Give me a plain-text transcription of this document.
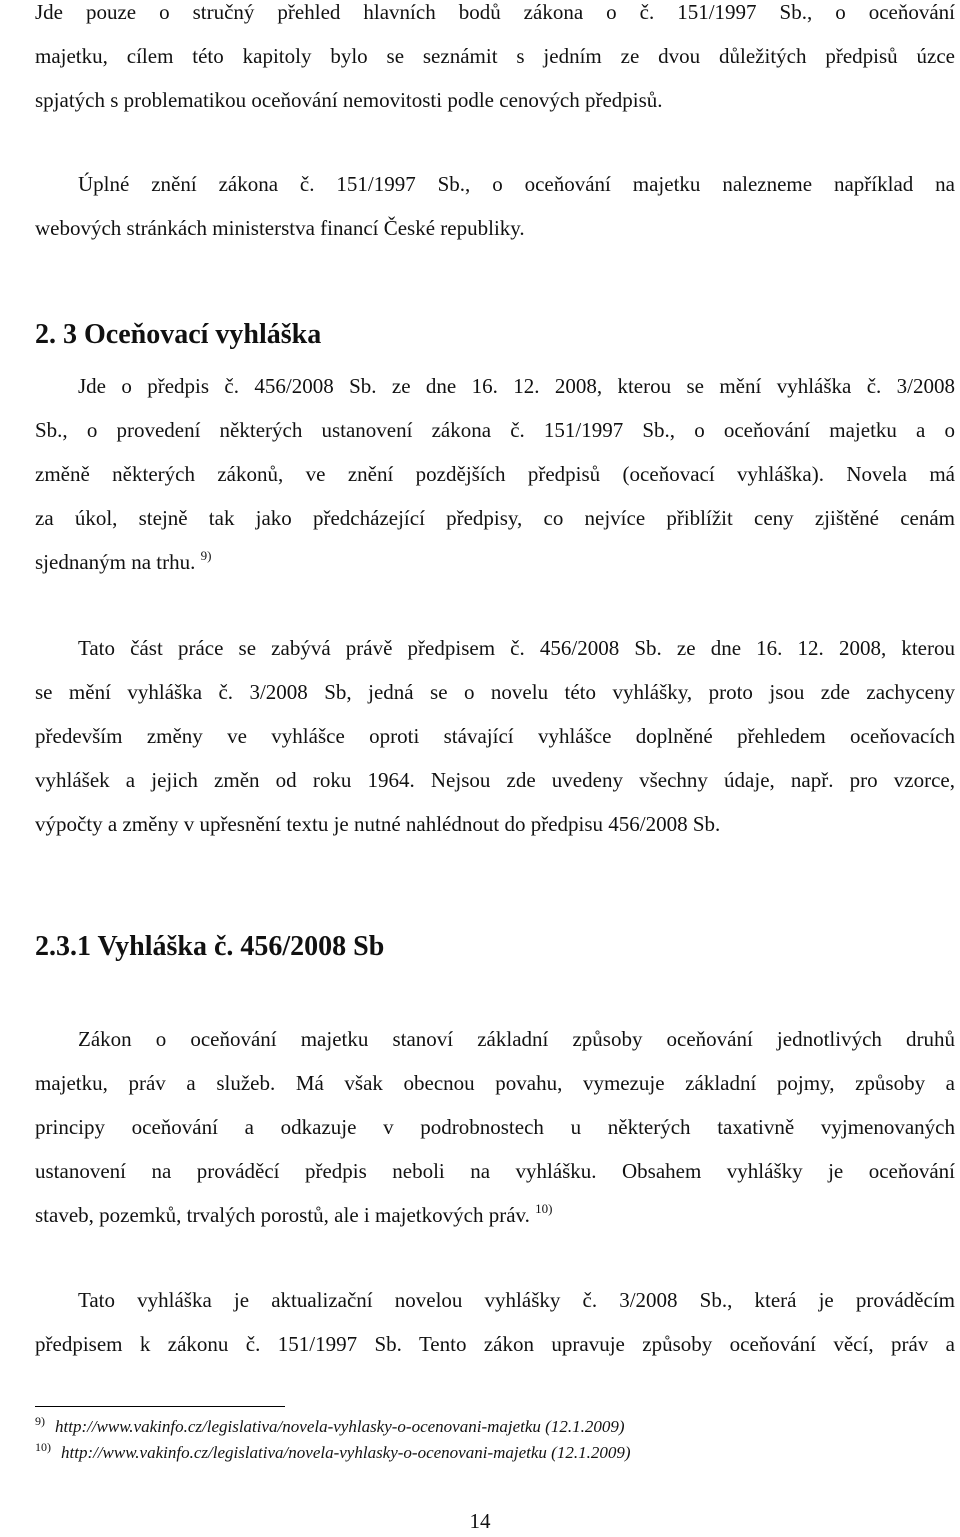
Jde pouze o stručný přehled hlavních bodů zákona o č. 151/1997 Sb., o oceňování
majetku, cílem této kapitoly bylo se seznámit s jedním ze dvou důležitých předpisů úzce
spjatých s problematikou oceňování nemovitosti podle cenových předpisů.
Úplné znění zákona č. 151/1997 Sb., o oceňování majetku nalezneme například na
webových stránkách ministerstva financí České republiky.
2. 3 Oceňovací vyhláška
Jde o předpis č. 456/2008 Sb. ze dne 16. 12. 2008, kterou se mění vyhláška č. 3/2008
Sb., o provedení některých ustanovení zákona č. 151/1997 Sb., o oceňování majetku a o
změně některých zákonů, ve znění pozdějších předpisů (oceňovací vyhláška). Novela má
za úkol, stejně tak jako předcházející předpisy, co nejvíce přiblížit ceny zjištěné cenám
sjednaným na trhu. $^{9)}$
Tato část práce se zabývá právě předpisem č. 456/2008 Sb. ze dne 16. 12. 2008, kterou
se mění vyhláška č. 3/2008 Sb, jedná se o novelu této vyhlášky, proto jsou zde zachyceny
především změny ve vyhlášce oproti stávající vyhlášce doplněné přehledem oceňovacích
vyhlášek a jejich změn od roku 1964. Nejsou zde uvedeny všechny údaje, např. pro vzorce,
výpočty a změny v upřesnění textu je nutné nahlédnout do předpisu 456/2008 Sb.
2.3.1 Vyhláška č. 456/2008 Sb
Zákon o oceňování majetku stanoví základní způsoby oceňování jednotlivých druhů
majetku, práv a služeb. Má však obecnou povahu, vymezuje základní pojmy, způsoby a
principy oceňování a odkazuje v podrobnostech u některých taxativně vyjmenovaných
ustanovení na prováděcí předpis neboli na vyhlášku. Obsahem vyhlášky je oceňování
staveb, pozemků, trvalých porostů, ale i majetkových práv. $^{10)}$
Tato vyhláška je aktualizační novelou vyhlášky č. 3/2008 Sb., která je prováděcím
předpisem k zákonu č. 151/1997 Sb. Tento zákon upravuje způsoby oceňování věcí, práv a
$^{9)}$ http://www.vakinfo.cz/legislativa/novela-vyhlasky-o-ocenovani-majetku (12.1.2009)
$^{10)}$ http://www.vakinfo.cz/legislativa/novela-vyhlasky-o-ocenovani-majetku (12.1.2009)
14
